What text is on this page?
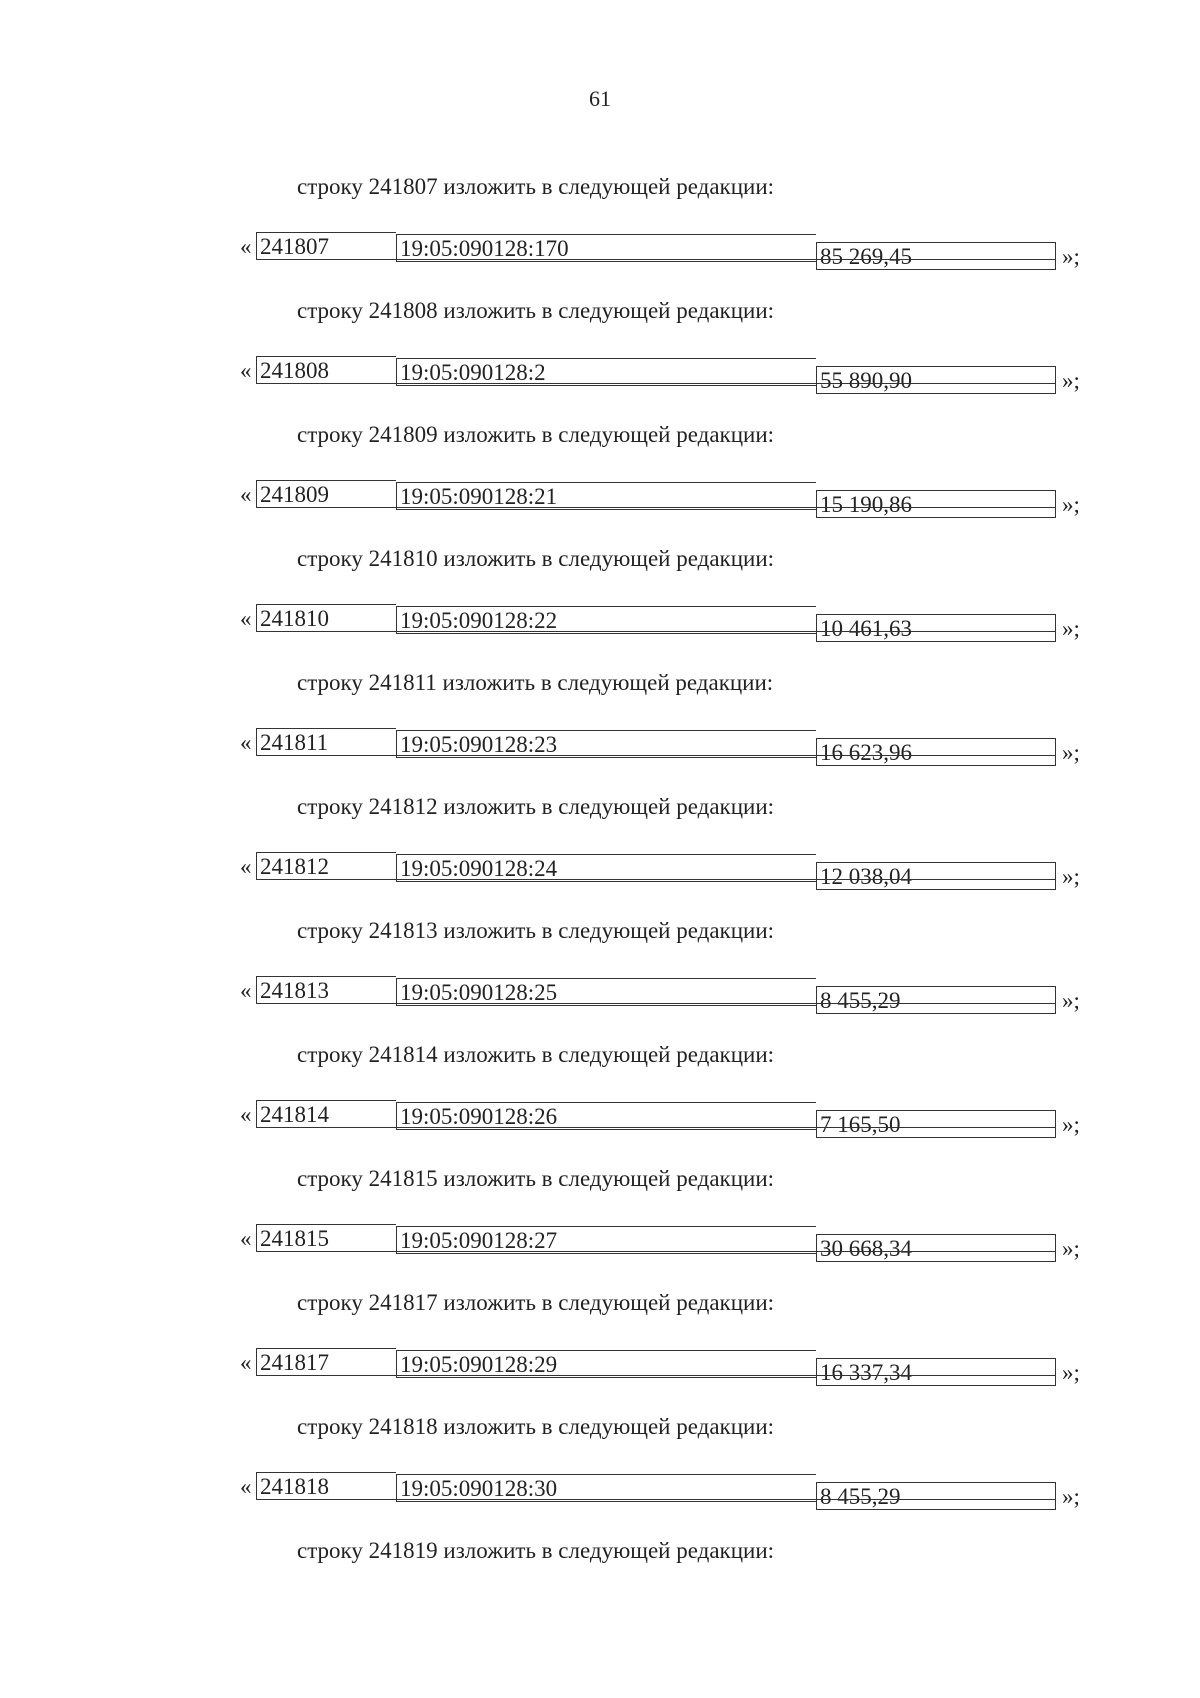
61
строку 241807 изложить в следующей редакции:
« 241807	19:05:090128:170	85 269,45	»;
строку 241808 изложить в следующей редакции:
« 241808	19:05:090128:2	55 890,90	»;
строку 241809 изложить в следующей редакции:
« 241809	19:05:090128:21	15 190,86	»;
строку 241810 изложить в следующей редакции:
« 241810	19:05:090128:22	10 461,63	»;
строку 241811 изложить в следующей редакции:
« 241811	19:05:090128:23	16 623,96	»;
строку 241812 изложить в следующей редакции:
« 241812	19:05:090128:24	12 038,04	»;
строку 241813 изложить в следующей редакции:
« 241813	19:05:090128:25	8 455,29	»;
строку 241814 изложить в следующей редакции:
« 241814	19:05:090128:26	7 165,50	»;
строку 241815 изложить в следующей редакции:
« 241815	19:05:090128:27	30 668,34	»;
строку 241817 изложить в следующей редакции:
« 241817	19:05:090128:29	16 337,34	»;
строку 241818 изложить в следующей редакции:
« 241818	19:05:090128:30	8 455,29	»;
строку 241819 изложить в следующей редакции:
